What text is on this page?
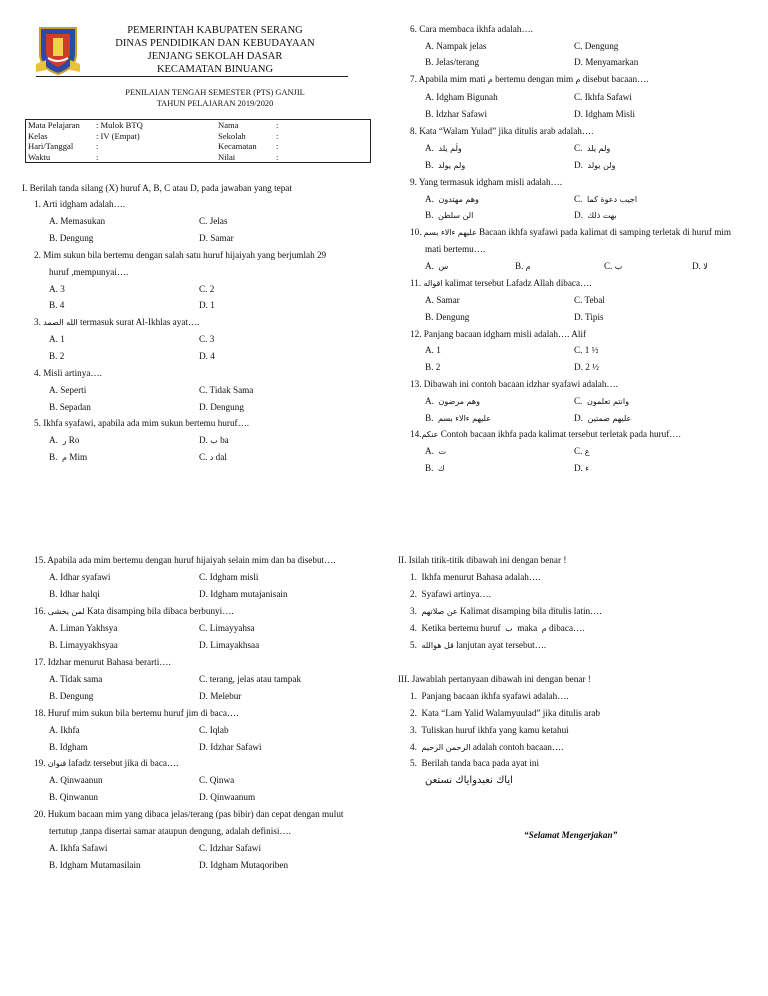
PEMERINTAH KABUPATEN SERANG
DINAS PENDIDIKAN DAN KEBUDAYAAN
JENJANG SEKOLAH DASAR
KECAMATAN BINUANG
PENILAIAN TENGAH SEMESTER (PTS) GANJIL
TAHUN PELAJARAN 2019/2020
Mata Pelajaran	: Mulok BTQ	Nama	:
Kelas	: IV (Empat)	Sekolah	:
Hari/Tanggal	:	Kecamatan	:
Waktu	:	Nilai	:
I. Berilah tanda silang (X) huruf A, B, C atau D, pada jawaban yang tepat
1. Arti idgham adalah….
A. Memasukan	C. Jelas
B. Dengung	D. Samar
2. Mim sukun bila bertemu dengan salah satu huruf hijaiyah yang berjumlah 29
huruf ,mempunyai….
A. 3	C. 2
B. 4	D. 1
3. الله الصمد termasuk surat Al-Ikhlas ayat….
A. 1	C. 3
B. 2	D. 4
4. Misli artinya….
A. Seperti	C. Tidak Sama
B. Sepadan	D. Dengung
5. Ikhfa syafawi, apabila ada mim sukun bertemu huruf….
A.  ر Ro	D. ب ba
B.  م Mim	C. د dal
6. Cara membaca ikhfa adalah….
A. Nampak jelas	C. Dengung
B. Jelas/terang	D. Menyamarkan
7. Apabila mim mati م bertemu dengan mim م disebut bacaan….
A. Idgham Bigunah	C. Ikhfa Safawi
B. Idzhar Safawi	D. Idgham Misli
8. Kata “Walam Yulad” jika ditulis arab adalah….
A. ولَم يلد	C. ولم يلد
B. ولم يولد	D. ولن يولد
9. Yang termasuk idgham misli adalah….
A. وهم مهتدون	C. اجيب دعوة كما
B. الن سلطن	D. بهت ذلك
10. عليهم ءالاء بسم Bacaan ikhfa syafawi pada kalimat di samping terletak di huruf mim
mati bertemu….
A. س	B. م	C. ب	D. لا
11. اقواله kalimat tersebut Lafadz Allah dibaca….
A. Samar	C. Tebal
B. Dengung	D. Tipis
12. Panjang bacaan idgham misli adalah…. Alif
A. 1	C. 1 ½
B. 2	D. 2 ½
13. Dibawah ini contoh bacaan idzhar syafawi adalah….
A. وهم مرضون	C. وانتم تعلمون
B. عليهم ءالاء بسم	D. عليهم ضمتين
14.عنكم Contoh bacaan ikhfa pada kalimat tersebut terletak pada huruf….
A. ت	C. ع
B. ك	D. ء
15. Apabila ada mim bertemu dengan huruf hijaiyah selain mim dan ba disebut….
A. Idhar syafawi	C. Idgham misli
B. Idhar halqi	D. Idgham mutajanisain
16. لمن يخشى Kata disamping bila dibaca berbunyi….
A. Liman Yakhsya	C. Limayyahsa
B. Limayyakhsyaa	D. Limayakhsaa
17. Idzhar menurut Bahasa berarti….
A. Tidak sama	C. terang, jelas atau tampak
B. Dengung	D. Melebur
18. Huruf mim sukun bila bertemu huruf jim di baca….
A. Ikhfa	C. Iqlab
B. Idgham	D. Idzhar Safawi
19. قنوان lafadz tersebut jika di baca….
A. Qinwaanun	C. Qinwa
B. Qinwanun	D. Qinwaanum
20. Hukum bacaan mim yang dibaca jelas/terang (pas bibir) dan cepat dengan mulut
tertutup ,tanpa disertai samar ataupun dengung, adalah definisi….
A. Ikhfa Safawi	C. Idzhar Safawi
B. Idgham Mutamasilain	D. Idgham Mutaqoriben
II. Isilah titik-titik dibawah ini dengan benar !
1. Ikhfa menurut Bahasa adalah….
2. Syafawi artinya….
3. عن صلاتهم Kalimat disamping bila ditulis latin….
4. Ketika bertemu huruf ب maka م dibaca….
5. قل هوالله lanjutan ayat tersebut….
III. Jawablah pertanyaan dibawah ini dengan benar !
1. Panjang bacaan ikhfa syafawi adalah….
2. Kata “Lam Yalid Walamyuulad” jika ditulis arab
3. Tuliskan huruf ikhfa yang kamu ketahui
4. الرحمن الرحيم adalah contoh bacaan….
5. Berilah tanda baca pada ayat ini
اياك نعبدواياك نستعن
“Selamat Mengerjakan”
